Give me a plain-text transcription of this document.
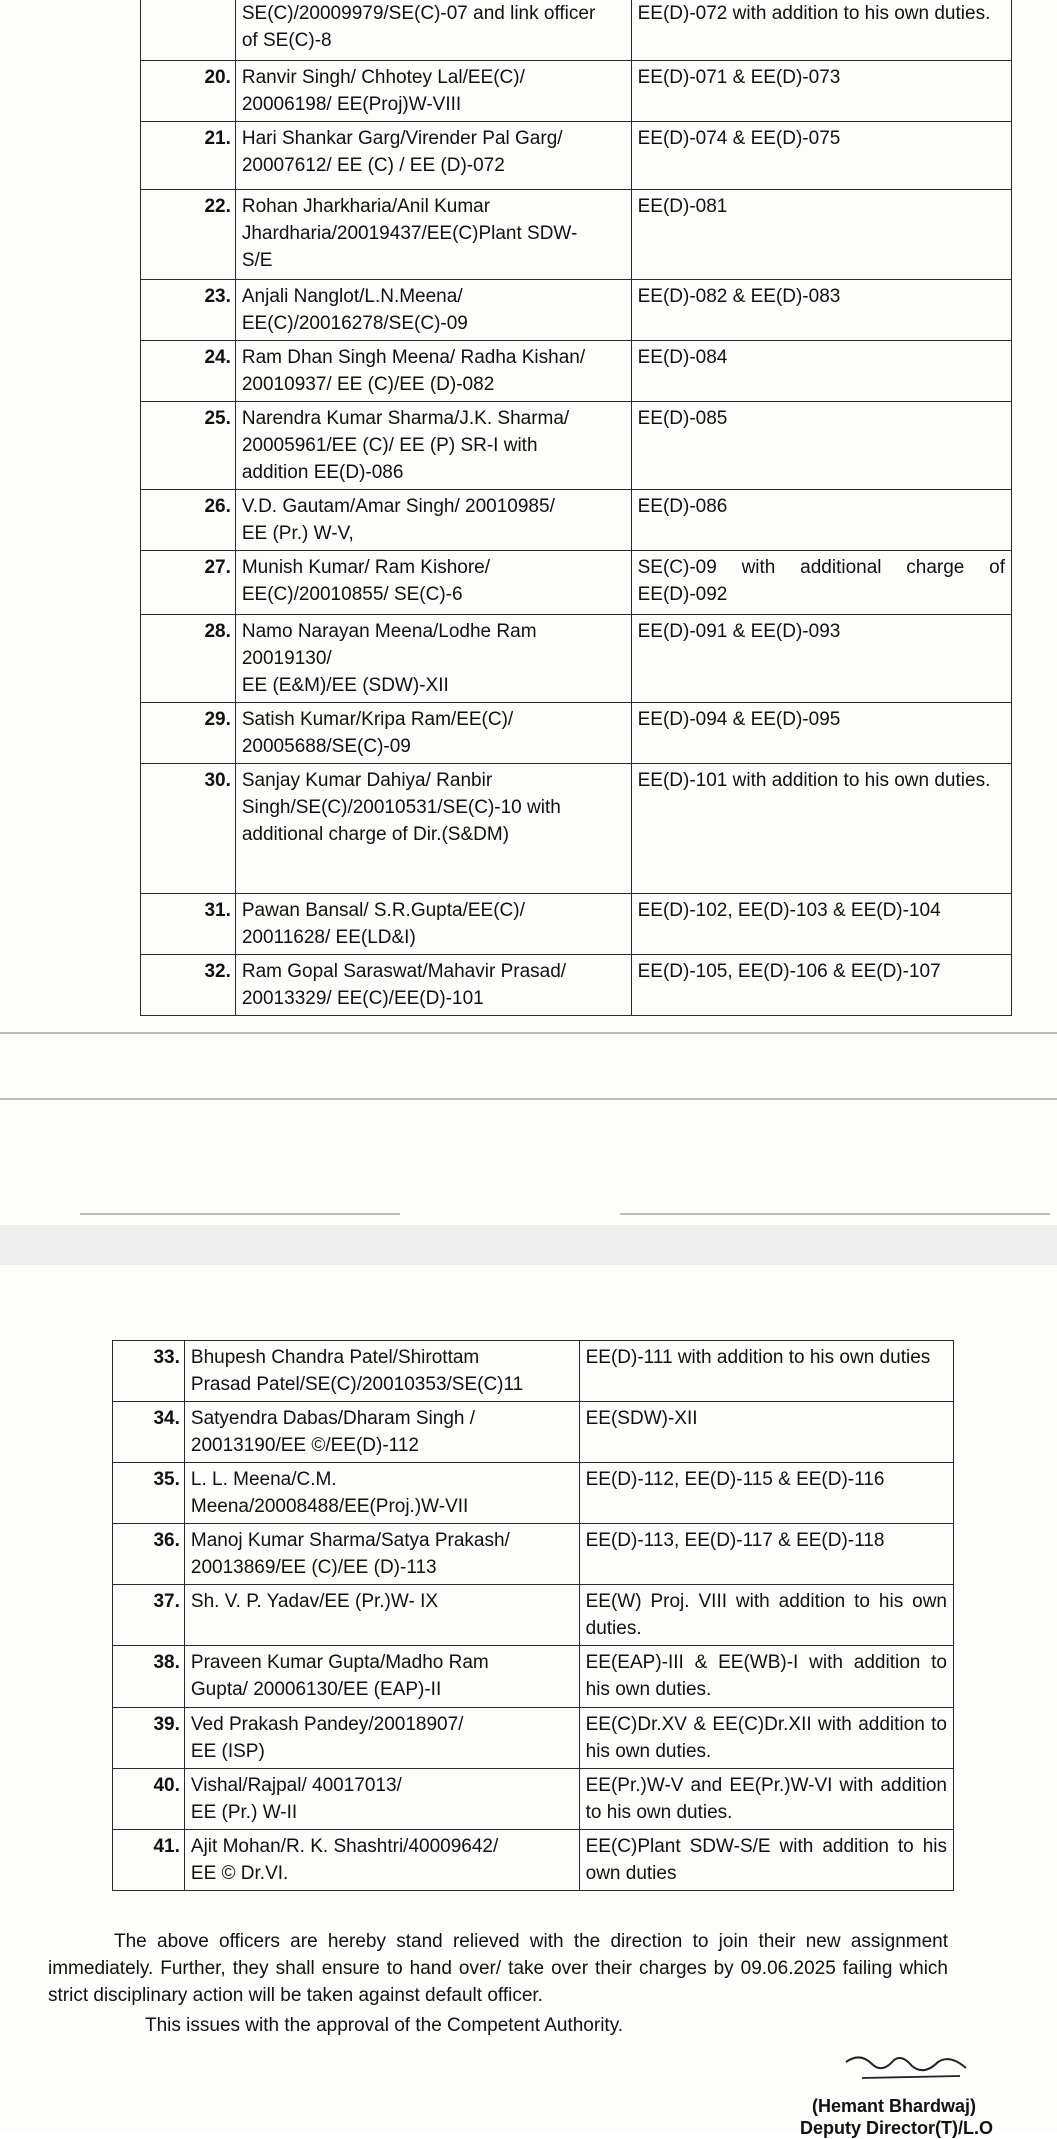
	SE(C)/20009979/SE(C)-07 and link officer
of SE(C)-8	EE(D)-072 with addition to his own duties.
20.	Ranvir Singh/ Chhotey Lal/EE(C)/
20006198/ EE(Proj)W-VIII	EE(D)-071 & EE(D)-073
21.	Hari Shankar Garg/Virender Pal Garg/
20007612/ EE (C) / EE (D)-072	EE(D)-074 & EE(D)-075
22.	Rohan Jharkharia/Anil Kumar
Jhardharia/20019437/EE(C)Plant SDW-
S/E	EE(D)-081
23.	Anjali Nanglot/L.N.Meena/
EE(C)/20016278/SE(C)-09	EE(D)-082 & EE(D)-083
24.	Ram Dhan Singh Meena/ Radha Kishan/
20010937/ EE (C)/EE (D)-082	EE(D)-084
25.	Narendra Kumar Sharma/J.K. Sharma/
20005961/EE (C)/ EE (P) SR-I with
addition EE(D)-086	EE(D)-085
26.	V.D. Gautam/Amar Singh/ 20010985/
EE (Pr.) W-V,	EE(D)-086
27.	Munish Kumar/ Ram Kishore/
EE(C)/20010855/ SE(C)-6	SE(C)-09 with additional charge of EE(D)-092
28.	Namo Narayan Meena/Lodhe Ram
20019130/
EE (E&M)/EE (SDW)-XII	EE(D)-091 & EE(D)-093
29.	Satish Kumar/Kripa Ram/EE(C)/
20005688/SE(C)-09	EE(D)-094 & EE(D)-095
30.	Sanjay Kumar Dahiya/ Ranbir
Singh/SE(C)/20010531/SE(C)-10 with
additional charge of Dir.(S&DM)	EE(D)-101 with addition to his own duties.
31.	Pawan Bansal/ S.R.Gupta/EE(C)/
20011628/ EE(LD&I)	EE(D)-102, EE(D)-103 & EE(D)-104
32.	Ram Gopal Saraswat/Mahavir Prasad/
20013329/ EE(C)/EE(D)-101	EE(D)-105, EE(D)-106 & EE(D)-107
33.	Bhupesh Chandra Patel/Shirottam
Prasad Patel/SE(C)/20010353/SE(C)11	EE(D)-111 with addition to his own duties
34.	Satyendra Dabas/Dharam Singh /
20013190/EE ©/EE(D)-112	EE(SDW)-XII
35.	L. L. Meena/C.M.
Meena/20008488/EE(Proj.)W-VII	EE(D)-112, EE(D)-115 & EE(D)-116
36.	Manoj Kumar Sharma/Satya Prakash/
20013869/EE (C)/EE (D)-113	EE(D)-113, EE(D)-117 & EE(D)-118
37.	Sh. V. P. Yadav/EE (Pr.)W- IX	EE(W) Proj. VIII with addition to his own duties.
38.	Praveen Kumar Gupta/Madho Ram
Gupta/ 20006130/EE (EAP)-II	EE(EAP)-III & EE(WB)-I with addition to his own duties.
39.	Ved Prakash Pandey/20018907/
EE (ISP)	EE(C)Dr.XV & EE(C)Dr.XII with addition to his own duties.
40.	Vishal/Rajpal/ 40017013/
EE (Pr.) W-II	EE(Pr.)W-V and EE(Pr.)W-VI with addition to his own duties.
41.	Ajit Mohan/R. K. Shashtri/40009642/
EE © Dr.VI.	EE(C)Plant SDW-S/E with addition to his own duties
The above officers are hereby stand relieved with the direction to join their new assignment immediately. Further, they shall ensure to hand over/ take over their charges by 09.06.2025 failing which strict disciplinary action will be taken against default officer.
This issues with the approval of the Competent Authority.
(Hemant Bhardwaj)
Deputy Director(T)/L.O
